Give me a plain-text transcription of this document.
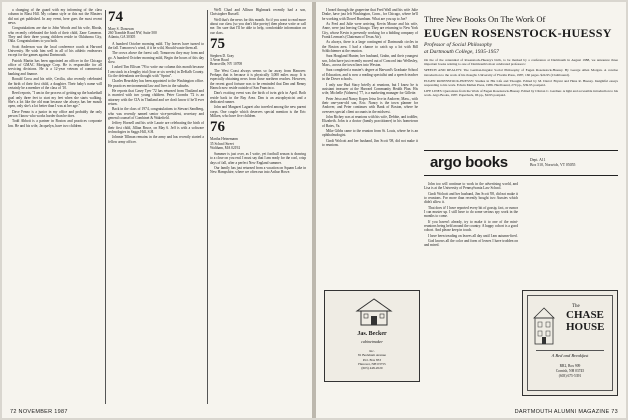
a changing of the guard with my informing of the class column in Blast Hill. My column style or this not the Blasters did not get published. In any event, here goes the most recent news.

Congratulations are due to John Woods and his wife, Rhoda, who recently celebrated the birth of their child, Zane Cameron. They and their three young children reside in Oklahoma City, Okla. Congratulations to you both.

Scott Anderson was the local conference coach at Harvard University. He wish him well in all of his athletic endeavors except for the games against Dartmouth.

Patrick Martin has been appointed an officer in the Chicago office of GMAC Mortgage Corp. He is responsible for all servicing divisions. He is a 12-year veteran of commercial banking and finance.

Ronald Cross and his wife, Cecilia, also recently celebrated the birth of their first child, a daughter. Their baby's name will certainly be a member of the class of '10.

Reed reports, "I am in the process of getting up the basketball goal only three feet to start my feet when she starts walking. She's a lot like the old man because she always has her mouth open, only she's a lot better than I was at her age."

Dave Fenno is a junior in my office and probably the only person I know who works harder than he does.

Todd Abbott is a partner in Boston and practices corporate law. He and his wife, Jacquelyn, have two children.

74
Mary S. Donovan
260 Tramble Road NW, Suite 500
Atlanta, GA 30305

A hundred October morning mild. Thy leaves have turned to the fall. Tomorrow's wind, if it be wild, Should waste them all.

The crows above the forest call; Tomorrow they may form and go. A hundred October morning mild, Begin the hours of this day slow.

I asked Tim Ellison '78 to write our column this month because I am stuck in a lengthy trial (four or six weeks) in DeKalb County. Go the defendants are thought with "Sprint".

Charles Beardsley has been appointed to the Washington office. He practices environmental law and lives in the suburbs.

He reports that Casey Tyer '72 has returned from Thailand and is married with two young children. Peter Coombs '72 is an attorney with the CIA in Thailand and we don't know if he'll ever return.

Back in the class of 1974, congratulations to Stewart Sandberg, who was recently named senior vice-president, secretary and general counsel of Combinet & Wakefield.

Jeffrey Hornell and his wife Laurie are celebrating the birth of their first child, Jillian Bruce, on May 6. Jeff is with a software technologies in Saggs Hill, S.H.

Johnnie Tillman remains in the army and has recently started a fellow army officer.

We'll Chad and Allison Highmark recently had a son, Christopher Russell.

Well that's the news for this month. So if you want to read more about our class (so you don't like poetry) then please write or call me. I'm sure that I'll be able to help, comfortable information on our class.

75
Stephen D. Gray
3 Avon Road
Bronxville, NY 10708

The West Coast always seems so far away from Hanover. Perhaps that is because it is physically 3,000 miles away. It is especially obtaining news from those northern reaches. However, the recent good fortune was to be reminded that Dan and Renny Hansch now reside outside of San Francisco.

Dan's exciting event was the birth of twin girls in April. Both reside back in the Bay Area. Dan is an astrophysicist and a dedicated runner.

John and Margaret Lagaret also traveled among the new parent corps. One couple which deserves special mention is the Eric Milken, who have five children.

76
Martha Heinemann
35 School Street
Waltham, MA 02192

Summer is just over, as I write, yet football season is drawing to a close on you end. I must say that I am ready for the cool, crisp days of fall, after a perfect New England summer.

Our family has just returned from a vacation on Squam Lake in New Hampshire, where we often run into Arthur Howe.

72 NOVEMBER 1987

I heard through the grapevine that Fred Wall and his wife Julie Drake, have just left Washington, Conn., for Chicago, where he'll be working with Dowel Burnham. What are you up to Joe?

As Fred and Julie were arriving, Kevin Mouse and his wife, Anne, were just leaving Chicago. They are returning to New York City, whose Kevin is presently working for a bidding company of Frank Lerman's (Chairman of Texas Air).

As always, there is a large contingent of Dartmouth circles in the Boston area. I had a chance to catch up a lot with Bill Schlichtemer at the reunion.

Sara Hoagland Hunter, her husband, Grahn, and their youngest son, John have just recently moved out of Concord into Wellesley, Mass., across the town lines into Weston.

Sara completed a master's degree at Harvard's Graduate School of Education, and is now a reading specialist and a speech teacher in the Dover schools.

I only saw Bud Stacy briefly at reunions, but I know he is assistant treasurer at the Harvard Community Health Plan. His wife, Michelle (Vahness) '77, is a marketing manager for Gillette.

Peter Jetso and Nancy Kopes Jetso live in Andover, Mass., with their one-year-old son, Eric. Nancy is the town planner for Andover, and Peter continues with Bank of Boston, where he oversees special client accounts in the midwest.

John Richey was at reunions with his wife, Debbie, and toddler, Elizabeth. John is a doctor (family practitioner) in his hometown of Bates, Va.

Mike Gibbs came to the reunion from St. Louis, where he is an ophthalmologist.

Cindi Wolcott and her husband, Jim Scott '08, did not make it to reunions.

Three New Books On The Work Of
EUGEN ROSENSTOCK-HUESSY
Professor of Social Philosophy
at Dartmouth College, 1935-1957

On the of the centennial of Rosenstock-Huessy's birth, to be marked by a conference at Dartmouth in August 1988, we announce three important books relating to one of Dartmouth's most celebrated professors:

SPEECH AND REALITY. The German-linguist Social Philosophy of Eugen Rosenstock-Huessy. By George Allen Morgan. A concise introduction to the work of his thought. University of Florida Press, 1987, 160 pages. $24.95 (Clothbound).

EUGEN ROSENSTOCK-HUESSY: Studies in His Life and Thought. Edited by M. Darrol Bryant and Hans R. Huessy. Insightful essays responding to his work. Edwin Mellen Press, 1986. Hardbound, 270 pp., $39.95 postpaid.

LIFE LINES: Quotations from the Work of Eugen Rosenstock-Huessy. Edited by Clinton C. Gardner. A light and accessible introduction to his work. Argo Books, 1987. Paperback, 96 pp., $9.95 postpaid.

argo books	Dept. A11
Box 510, Norwich, VT 05055

John too will continue to work in the advertising world, and Lisa is at the University of Pennsylvania Law School.

Cindi Wolcott and her husband, Jim Scott '08, did not make it to reunions. For more than recently bought two Aussies which didn't allow it.

That does it! I have reported every bit of gossip, fact, or rumor I can muster up. I still have to do some serious spy work in the months to come.

If you haven't already, try to make it to one of the mini-reunions being held around the country. A happy cohort is a good cohort. And please keep in touch.

I have been treading on leaves all day until I am autumn-fired.

God knows all the color and form of leaves I have trodden on and mired.

Jas. Becker
cabinetmaker
Inc.
81 Beckham Avenue
P.O. Box 833
Hanover, NH 03755
(603) 448-2020
The
CHASE
HOUSE
A Bed and Breakfast
RR2, Box 909
Cornish, NH 03745
(603) 675-5391
DARTMOUTH ALUMNI MAGAZINE 73
